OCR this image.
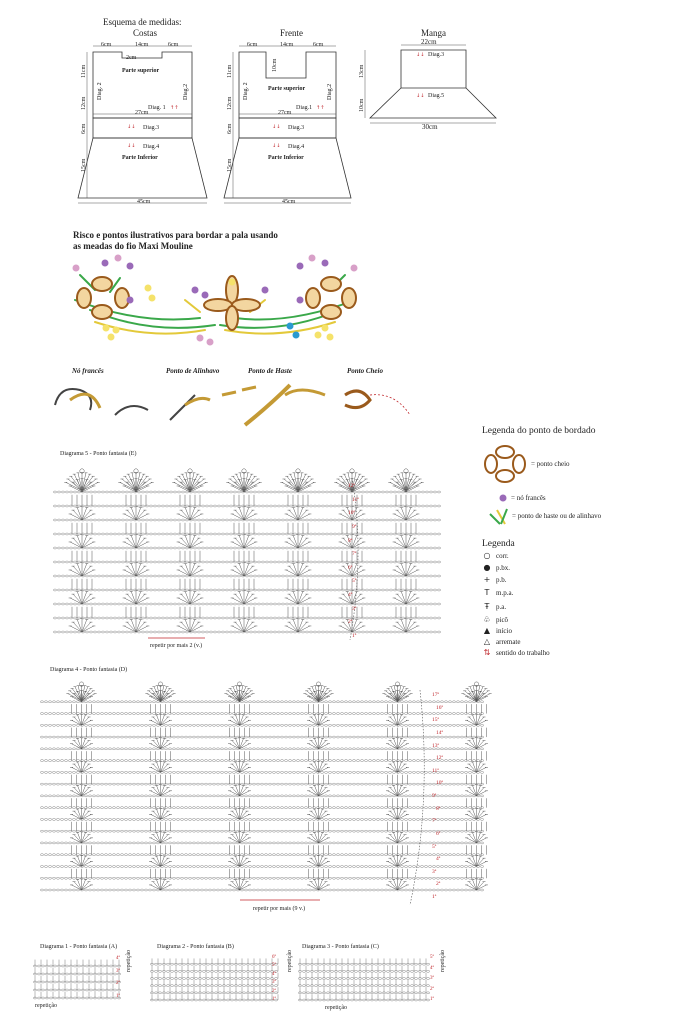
Esquema de medidas:
Costas
↓↓
↓↓
↓↓
↓↓
↑↑	↑↑
↓↓
↓↓
6cm	14cm	6cm
2cm
Parte superior
Parte Inferior
27cm
45cm
Diag.3
Diag.4
Diag. 1
Diag. 2	Diag.2
11cm
12cm
6cm
15cm
Frente
6cm	14cm	6cm
10cm
Parte superior
Parte Inferior
27cm
45cm
Diag.3
Diag.4
Diag.1
Diag. 2	Diag.2
11cm
12cm
6cm
15cm
Manga
22cm
Diag.3
Diag.5
13cm
10cm
30cm
Risco e pontos ilustrativos para bordar a pala usando
as meadas do fio Maxi Mouline
Nó francês	Ponto de Alinhavo	Ponto de Haste	Ponto Cheio
Legenda do ponto de bordado
= ponto cheio
= nó francês
= ponto de haste ou de alinhavo
Legenda
○ corr.
● p.bx.
+ p.b.
T m.p.a.
Ŧ p.a.
♧ picô
▲ início
△ arremate
⇅ sentido do trabalho
Diagrama 5 - Ponto fantasia (E)
repetir por mais 2 (v.)
12ª
11ª
10ª
9ª
8ª
7ª
6ª
5ª
4ª
3ª
2ª
1ª
Diagrama 4 - Ponto fantasia (D)
repetir por mais (9 v.)
17ª
16ª
15ª
14ª
13ª
12ª
11ª
10ª
9ª
8ª
7ª
6ª
5ª
4ª
3ª
2ª
1ª
Diagrama 1 - Ponto fantasia (A)	Diagrama 2 - Ponto fantasia (B)	Diagrama 3 - Ponto fantasia (C)
repetição
repetição
repetição	repetição
repetição
4ª
3ª
2ª
1ª
6ª
5ª
4ª
3ª
2ª
1ª
5ª
4ª
3ª
2ª
1ª
